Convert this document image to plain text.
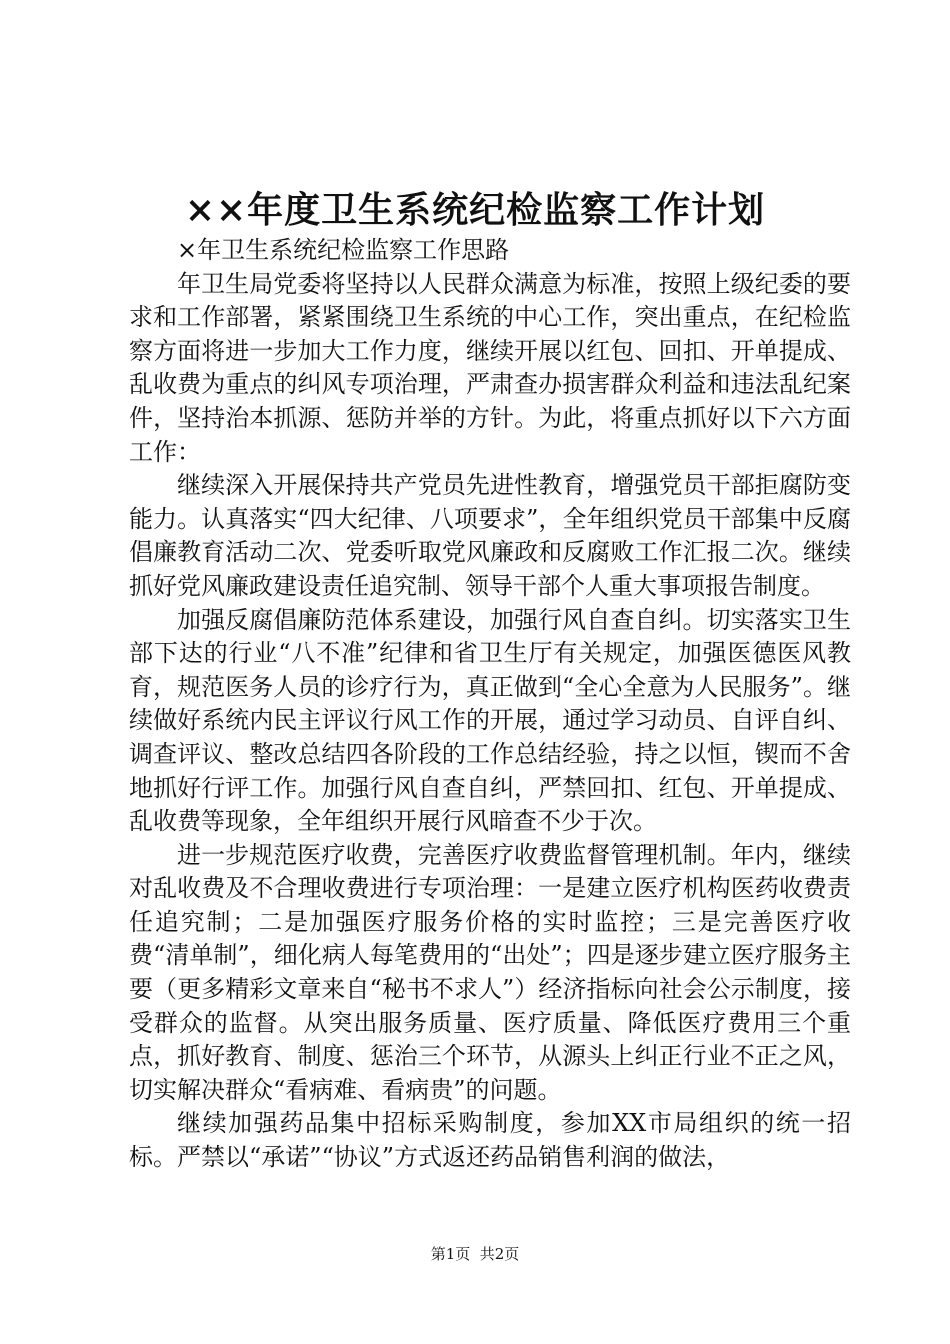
××年度卫生系统纪检监察工作计划

×年卫生系统纪检监察工作思路

年卫生局党委将坚持以人民群众满意为标准，按照上级纪委的要求和工作部署，紧紧围绕卫生系统的中心工作，突出重点，在纪检监察方面将进一步加大工作力度，继续开展以红包、回扣、开单提成、乱收费为重点的纠风专项治理，严肃查办损害群众利益和违法乱纪案件，坚持治本抓源、惩防并举的方针。为此，将重点抓好以下六方面工作：

继续深入开展保持共产党员先进性教育，增强党员干部拒腐防变能力。认真落实“四大纪律、八项要求”，全年组织党员干部集中反腐倡廉教育活动二次、党委听取党风廉政和反腐败工作汇报二次。继续抓好党风廉政建设责任追究制、领导干部个人重大事项报告制度。

加强反腐倡廉防范体系建设，加强行风自查自纠。切实落实卫生部下达的行业“八不准”纪律和省卫生厅有关规定，加强医德医风教育，规范医务人员的诊疗行为，真正做到“全心全意为人民服务”。继续做好系统内民主评议行风工作的开展，通过学习动员、自评自纠、调查评议、整改总结四各阶段的工作总结经验，持之以恒，锲而不舍地抓好行评工作。加强行风自查自纠，严禁回扣、红包、开单提成、乱收费等现象，全年组织开展行风暗查不少于次。

进一步规范医疗收费，完善医疗收费监督管理机制。年内，继续对乱收费及不合理收费进行专项治理：一是建立医疗机构医药收费责任追究制；二是加强医疗服务价格的实时监控；三是完善医疗收费“清单制”，细化病人每笔费用的“出处”；四是逐步建立医疗服务主要（更多精彩文章来自“秘书不求人”）经济指标向社会公示制度，接受群众的监督。从突出服务质量、医疗质量、降低医疗费用三个重点，抓好教育、制度、惩治三个环节，从源头上纠正行业不正之风，切实解决群众“看病难、看病贵”的问题。

继续加强药品集中招标采购制度，参加XX市局组织的统一招标。严禁以“承诺”“协议”方式返还药品销售利润的做法，

第1页  共2页
